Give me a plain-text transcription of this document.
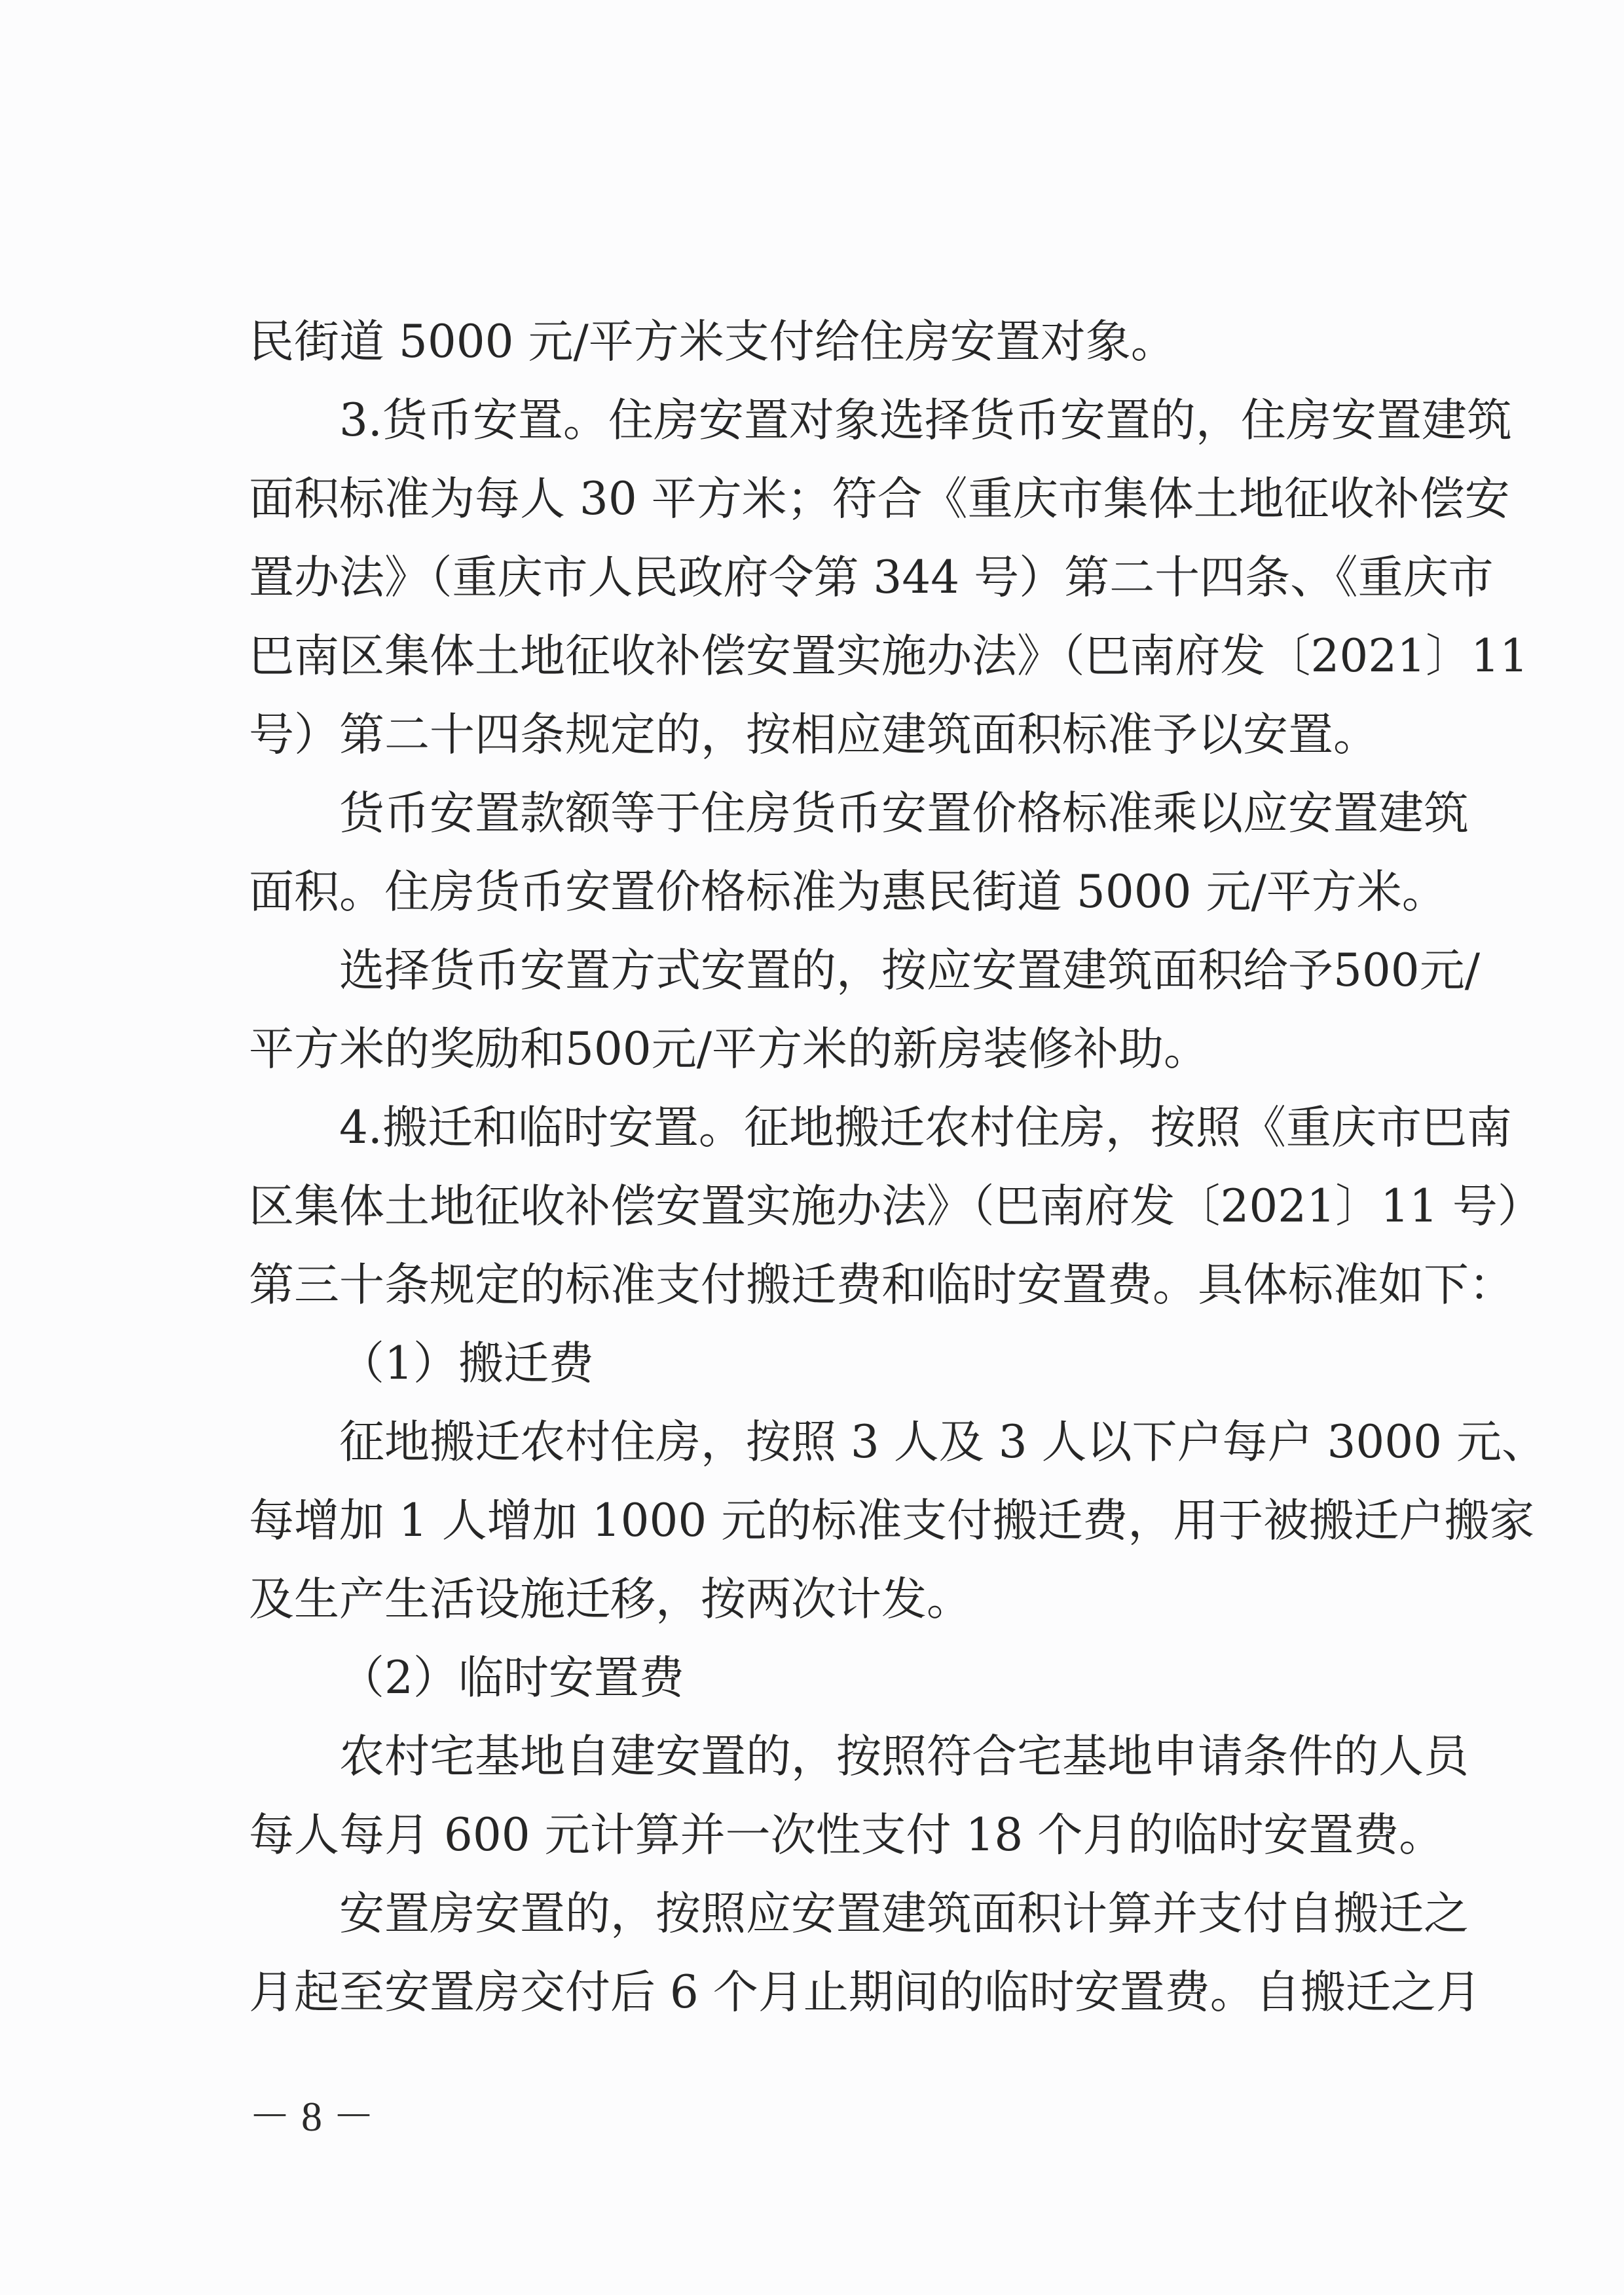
民街道 5000 元/平方米支付给住房安置对象。
3.货币安置。住房安置对象选择货币安置的，住房安置建筑
面积标准为每人 30 平方米；符合《重庆市集体土地征收补偿安
置办法》（重庆市人民政府令第 344 号）第二十四条、《重庆市
巴南区集体土地征收补偿安置实施办法》（巴南府发〔2021〕11
号）第二十四条规定的，按相应建筑面积标准予以安置。
货币安置款额等于住房货币安置价格标准乘以应安置建筑
面积。住房货币安置价格标准为惠民街道 5000 元/平方米。
选择货币安置方式安置的，按应安置建筑面积给予500元/
平方米的奖励和500元/平方米的新房装修补助。
4.搬迁和临时安置。征地搬迁农村住房，按照《重庆市巴南
区集体土地征收补偿安置实施办法》（巴南府发〔2021〕11 号）
第三十条规定的标准支付搬迁费和临时安置费。具体标准如下：
（1）搬迁费
征地搬迁农村住房，按照 3 人及 3 人以下户每户 3000 元、
每增加 1 人增加 1000 元的标准支付搬迁费，用于被搬迁户搬家
及生产生活设施迁移，按两次计发。
（2）临时安置费
农村宅基地自建安置的，按照符合宅基地申请条件的人员
每人每月 600 元计算并一次性支付 18 个月的临时安置费。
安置房安置的，按照应安置建筑面积计算并支付自搬迁之
月起至安置房交付后 6 个月止期间的临时安置费。自搬迁之月
－ 8 －
